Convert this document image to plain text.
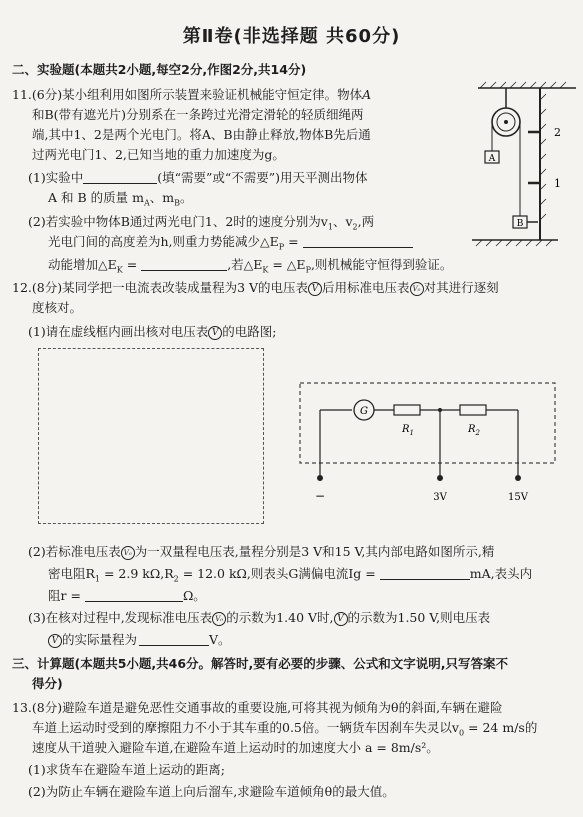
第Ⅱ卷(非选择题 共60分)
二、实验题(本题共2小题,每空2分,作图2分,共14分)
11.(6分)某小组利用如图所示装置来验证机械能守恒定律。物体A
和B(带有遮光片)分别系在一条跨过光滑定滑轮的轻质细绳两
端,其中1、2是两个光电门。将A、B由静止释放,物体B先后通
过两光电门1、2,已知当地的重力加速度为g。
(1)实验中	(填“需要”或“不需要”)用天平测出物体
A 和 B 的质量 $m_A$、$m_B$。
(2)若实验中物体B通过两光电门1、2时的速度分别为$v_1$、$v_2$,两
光电门间的高度差为h,则重力势能减少$\triangle E_P$ =
动能增加$\triangle E_K$ =	,若$\triangle E_K$ = $\triangle E_P$,则机械能守恒得到验证。
A
2
1
B
12.(8分)某同学把一电流表改装成量程为3 V的电压表 V 后用标准电压表 V₀ 对其进行逐刻
度核对。
(1)请在虚线框内画出核对电压表 V 的电路图;
G
$R_1$	$R_2$
−	3V	15V
(2)若标准电压表 V₀ 为一双量程电压表,量程分别是3 V和15 V,其内部电路如图所示,精
密电阻$R_1 = 2.9$ $k\Omega,R_2 = 12.0$ kΩ,则表头G满偏电流Ig =	mA,表头内
阻r =	Ω。
(3)在核对过程中,发现标准电压表 V₀ 的示数为1.40 V时, V 的示数为1.50 V,则电压表
V 的实际量程为	V。
三、计算题(本题共5小题,共46分。解答时,要有必要的步骤、公式和文字说明,只写答案不
得分)
13.(8分)避险车道是避免恶性交通事故的重要设施,可将其视为倾角为θ的斜面,车辆在避险
车道上运动时受到的摩擦阻力不小于其车重的0.5倍。一辆货车因刹车失灵以$v_0 = 24$ m/s的
速度从干道驶入避险车道,在避险车道上运动时的加速度大小 a = 8m/s²。
(1)求货车在避险车道上运动的距离;
(2)为防止车辆在避险车道上向后溜车,求避险车道倾角θ的最大值。
